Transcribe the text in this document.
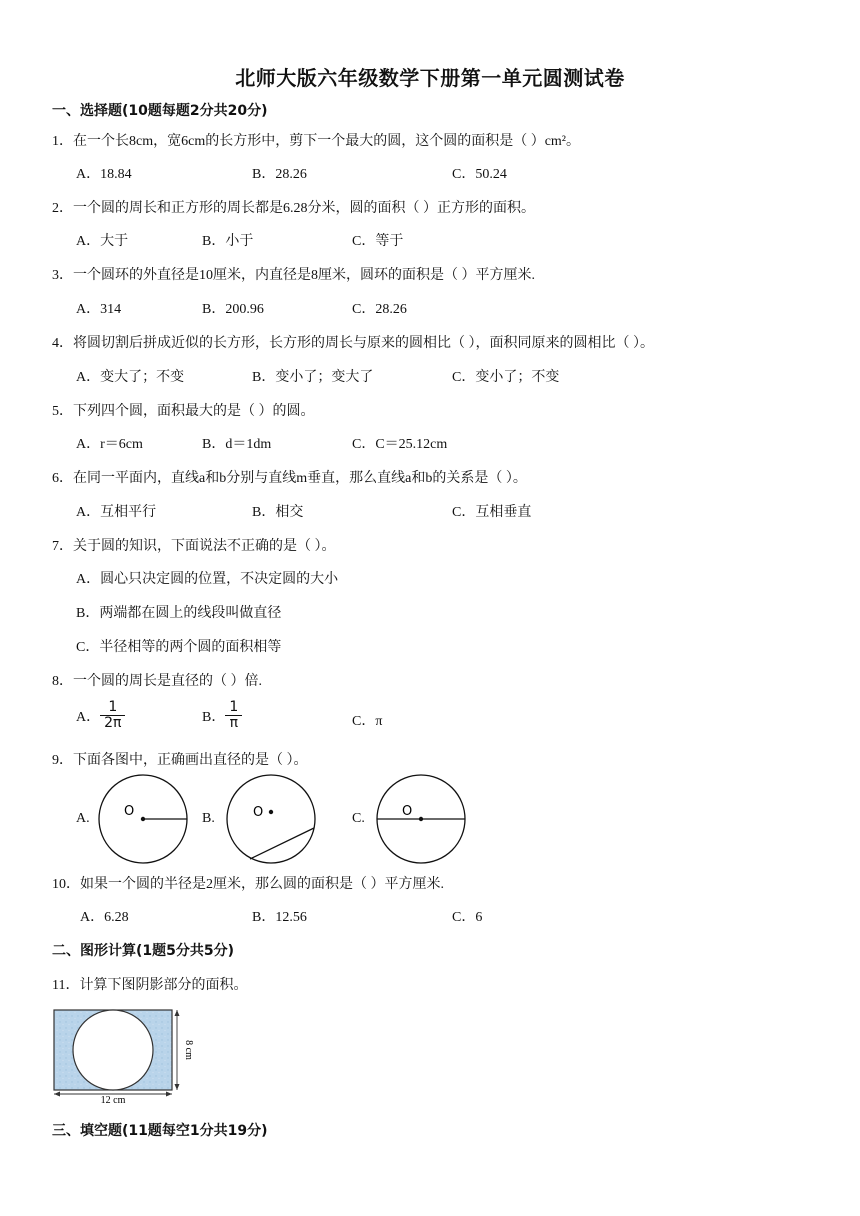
北师大版六年级数学下册第一单元圆测试卷
一、选择题(10题每题2分共20分)
1．在一个长8cm，宽6cm的长方形中，剪下一个最大的圆，这个圆的面积是（ ）cm²。
A．18.84	B．28.26	C．50.24
2．一个圆的周长和正方形的周长都是6.28分米，圆的面积（ ）正方形的面积。
A．大于	B．小于	C．等于
3．一个圆环的外直径是10厘米，内直径是8厘米，圆环的面积是（ ）平方厘米.
A．314	B．200.96	C．28.26
4．将圆切割后拼成近似的长方形，长方形的周长与原来的圆相比（ ），面积同原来的圆相比（ ）。
A．变大了；不变	B．变小了；变大了	C．变小了；不变
5．下列四个圆，面积最大的是（ ）的圆。
A．r＝6cm	B．d＝1dm	C．C＝25.12cm
6．在同一平面内，直线a和b分别与直线m垂直，那么直线a和b的关系是（ ）。
A．互相平行	B．相交	C．互相垂直
7．关于圆的知识，下面说法不正确的是（ ）。
A．圆心只决定圆的位置，不决定圆的大小
B．两端都在圆上的线段叫做直径
C．半径相等的两个圆的面积相等
8．一个圆的周长是直径的（ ）倍.
A． $\frac{1}{2\pi}$	B． $\frac{1}{\pi}$	C．π
9．下面各图中，正确画出直径的是（ ）。
A.	O	B.	O	C.	O
10．如果一个圆的半径是2厘米，那么圆的面积是（ ）平方厘米.
A．6.28	B．12.56	C．6
二、图形计算(1题5分共5分)
11．计算下图阴影部分的面积。
8 cm
12 cm
三、填空题(11题每空1分共19分)
